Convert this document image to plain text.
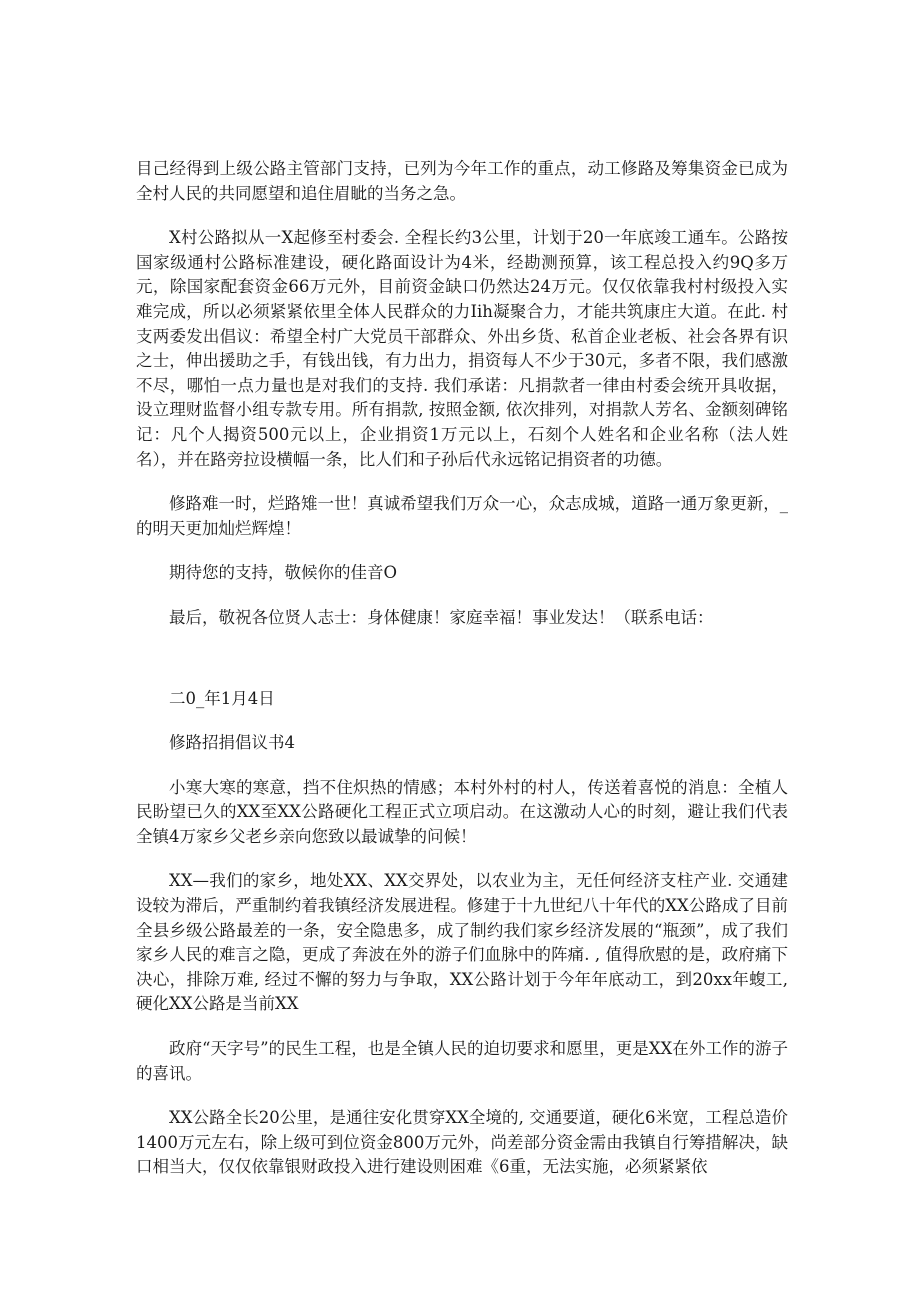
目己经得到上级公路主管部门支持，已列为今年工作的重点，动工修路及筹集资金已成为全村人民的共同愿望和追住眉眦的当务之急。

X村公路拟从一X起修至村委会. 全程长约3公里，计划于20一年底竣工通车。公路按国家级通村公路标准建设，硬化路面设计为4米，经勘测预算，该工程总投入约9Q多万元，除国家配套资金66万元外，目前资金缺口仍然达24万元。仅仅依靠我村村级投入实难完成，所以必须紧紧依里全体人民群众的力Iih凝聚合力，才能共筑康庄大道。在此. 村支两委发出倡议：希望全村广大党员干部群众、外出乡货、私首企业老板、社会各界有识之士，伸出援助之手，有钱出钱，有力出力，捐资每人不少于30元，多者不限，我们感激不尽，哪怕一点力量也是对我们的支持. 我们承诺：凡捐款者一律由村委会统开具收据，设立理财监督小组专款专用。所有捐款, 按照金额, 依次排列，对捐款人芳名、金额刻碑铭记：凡个人揭资500元以上，企业捐资1万元以上，石刻个人姓名和企业名称（法人姓名），并在路旁拉设横幅一条，比人们和子孙后代永远铭记捐资者的功德。

修路难一时，烂路雉一世！真诚希望我们万众一心，众志成城，道路一通万象更新，_的明天更加灿烂辉煌！

期待您的支持，敬候你的佳音O

最后，敬祝各位贤人志士：身体健康！家庭幸福！事业发达！（联系电话：

二0_年1月4日

修路招捐倡议书4

小寒大寒的寒意，挡不住炽热的情感；本村外村的村人，传送着喜悦的消息：全植人民盼望已久的XX至XX公路硬化工程正式立项启动。在这激动人心的时刻，避让我们代表全镇4万家乡父老乡亲向您致以最诚挚的问候！

XX—我们的家乡，地处XX、XX交界处，以农业为主，无任何经济支柱产业. 交通建设较为滞后，严重制约着我镇经济发展进程。修建于十九世纪八十年代的XX公路成了目前全县乡级公路最差的一条，安全隐患多，成了制约我们家乡经济发展的“瓶颈”，成了我们家乡人民的难言之隐，更成了奔波在外的游子们血脉中的阵痛. , 值得欣慰的是，政府痛下决心，排除万难, 经过不懈的努力与争取，XX公路计划于今年年底动工，到20xx年蝮工, 硬化XX公路是当前XX

政府“天字号”的民生工程，也是全镇人民的迫切要求和愿里，更是XX在外工作的游子的喜讯。

XX公路全长20公里，是通往安化贯穿XX全境的, 交通要道，硬化6米宽，工程总造价1400万元左右，除上级可到位资金800万元外，尚差部分资金需由我镇自行筹措解决，缺口相当大，仅仅依靠银财政投入进行建设则困难《6重，无法实施，必须紧紧依
